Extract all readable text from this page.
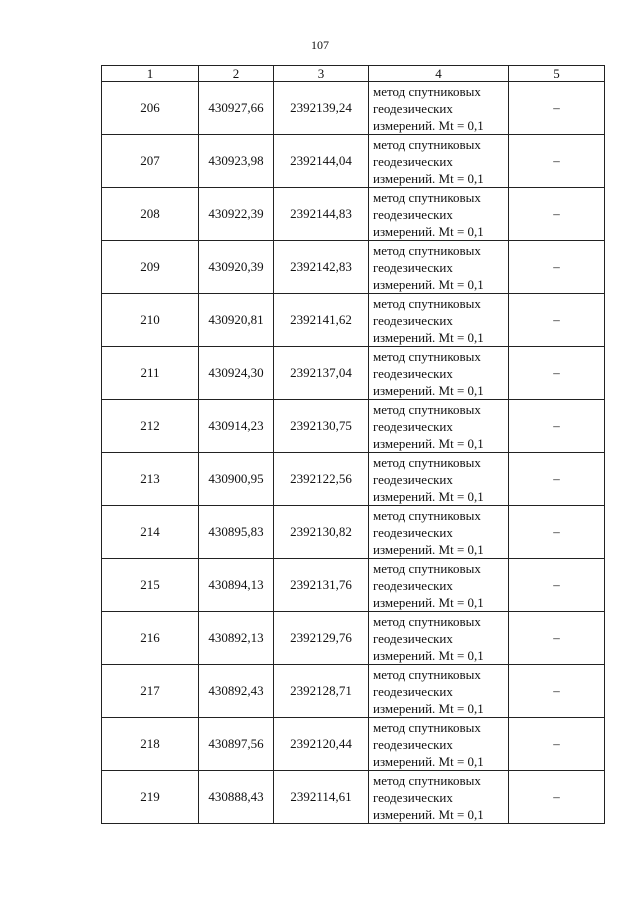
107
1	2	3	4	5
206	430927,66	2392139,24	метод спутниковых
геодезических
измерений. Mt = 0,1	–
207	430923,98	2392144,04	метод спутниковых
геодезических
измерений. Mt = 0,1	–
208	430922,39	2392144,83	метод спутниковых
геодезических
измерений. Mt = 0,1	–
209	430920,39	2392142,83	метод спутниковых
геодезических
измерений. Mt = 0,1	–
210	430920,81	2392141,62	метод спутниковых
геодезических
измерений. Mt = 0,1	–
211	430924,30	2392137,04	метод спутниковых
геодезических
измерений. Mt = 0,1	–
212	430914,23	2392130,75	метод спутниковых
геодезических
измерений. Mt = 0,1	–
213	430900,95	2392122,56	метод спутниковых
геодезических
измерений. Mt = 0,1	–
214	430895,83	2392130,82	метод спутниковых
геодезических
измерений. Mt = 0,1	–
215	430894,13	2392131,76	метод спутниковых
геодезических
измерений. Mt = 0,1	–
216	430892,13	2392129,76	метод спутниковых
геодезических
измерений. Mt = 0,1	–
217	430892,43	2392128,71	метод спутниковых
геодезических
измерений. Mt = 0,1	–
218	430897,56	2392120,44	метод спутниковых
геодезических
измерений. Mt = 0,1	–
219	430888,43	2392114,61	метод спутниковых
геодезических
измерений. Mt = 0,1	–
